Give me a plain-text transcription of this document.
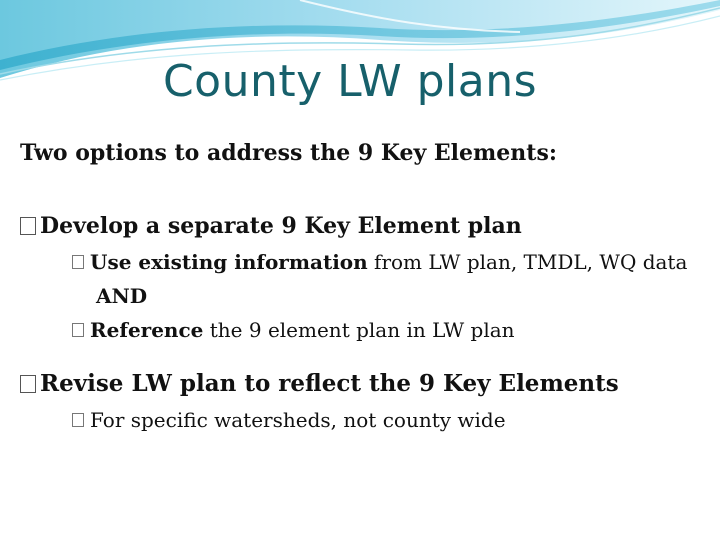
County LW plans
Two options to address the 9 Key Elements:
Develop a separate 9 Key Element plan
Use existing information from LW plan, TMDL, WQ data
AND
Reference the 9 element plan in LW plan
Revise LW plan to reflect the 9 Key Elements
For specific watersheds, not county wide
